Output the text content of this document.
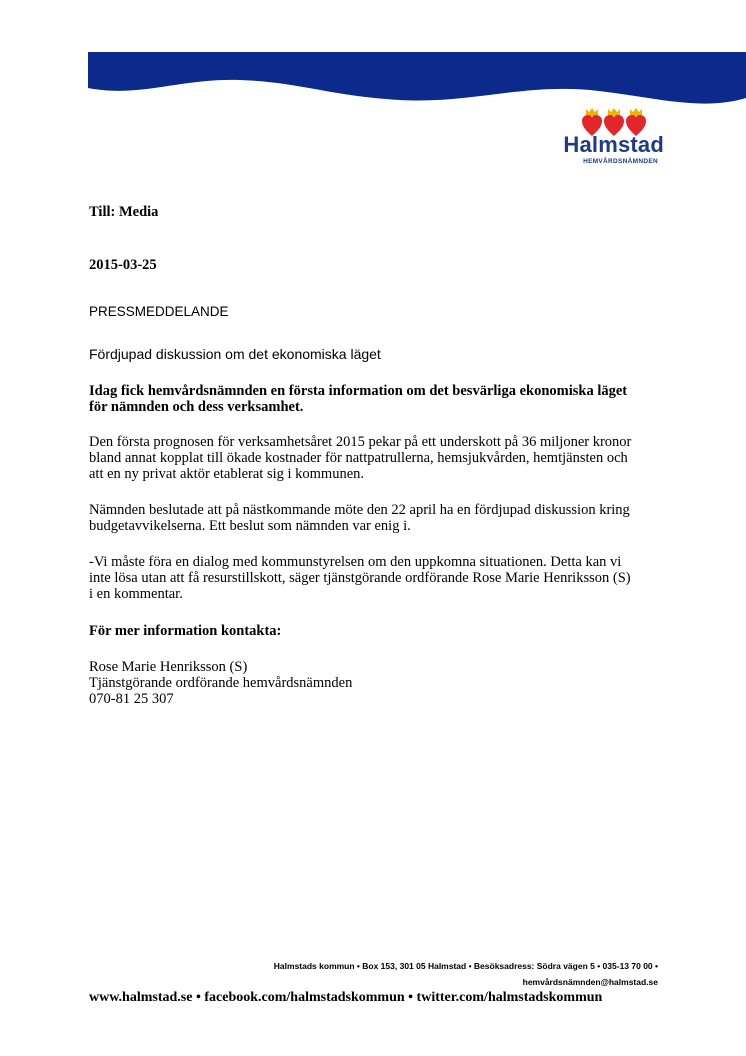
Halmstad
HEMVÅRDSNÄMNDEN
Till: Media
2015-03-25
PRESSMEDDELANDE
Fördjupad diskussion om det ekonomiska läget

Idag fick hemvårdsnämnden en första information om det besvärliga ekonomiska läget

för nämnden och dess verksamhet.

Den första prognosen för verksamhetsåret 2015 pekar på ett underskott på 36 miljoner kronor

bland annat kopplat till ökade kostnader för nattpatrullerna, hemsjukvården, hemtjänsten och

att en ny privat aktör etablerat sig i kommunen.

Nämnden beslutade att på nästkommande möte den 22 april ha en fördjupad diskussion kring

budgetavvikelserna. Ett beslut som nämnden var enig i.

-Vi måste föra en dialog med kommunstyrelsen om den uppkomna situationen. Detta kan vi

inte lösa utan att få resurstillskott, säger tjänstgörande ordförande Rose Marie Henriksson (S)

i en kommentar.

För mer information kontakta:

Rose Marie Henriksson (S)

Tjänstgörande ordförande hemvårdsnämnden

070-81 25 307

Halmstads kommun • Box 153, 301 05 Halmstad • Besöksadress: Södra vägen 5 • 035-13 70 00 •
hemvårdsnämnden@halmstad.se
www.halmstad.se • facebook.com/halmstadskommun • twitter.com/halmstadskommun
